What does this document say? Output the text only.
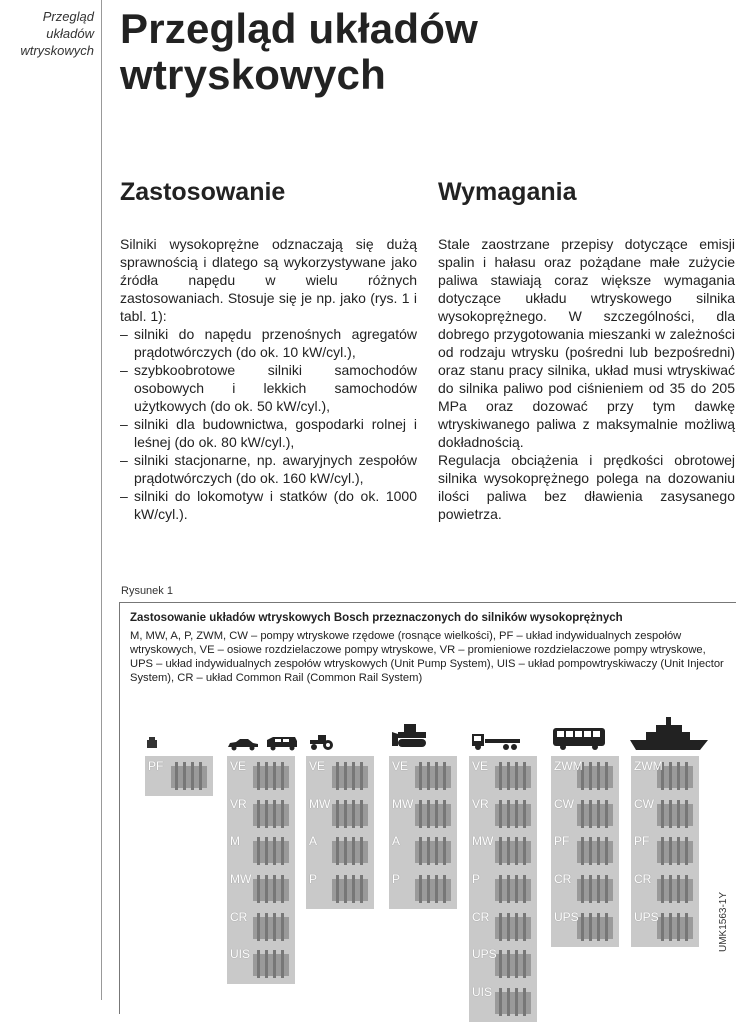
Przegląd
układów
wtryskowych Przegląd układów
wtryskowych
Zastosowanie

Silniki wysokoprężne odznaczają się dużą sprawnością i dlatego są wykorzystywane jako źródła napędu w wielu różnych zastosowaniach. Stosuje się je np. jako (rys. 1 i tabl. 1):

– silniki do napędu przenośnych agregatów prądotwórczych (do ok. 10 kW/cyl.),
– szybkoobrotowe silniki samochodów osobowych i lekkich samochodów użytkowych (do ok. 50 kW/cyl.),
– silniki dla budownictwa, gospodarki rolnej i leśnej (do ok. 80 kW/cyl.),
– silniki stacjonarne, np. awaryjnych zespołów prądotwórczych (do ok. 160 kW/cyl.),
– silniki do lokomotyw i statków (do ok. 1000 kW/cyl.).
Wymagania

Stale zaostrzane przepisy dotyczące emisji spalin i hałasu oraz pożądane małe zużycie paliwa stawiają coraz większe wymagania dotyczące układu wtryskowego silnika wysokoprężnego. W szczególności, dla dobrego przygotowania mieszanki w zależności od rodzaju wtrysku (pośredni lub bezpośredni) oraz stanu pracy silnika, układ musi wtryskiwać do silnika paliwo pod ciśnieniem od 35 do 205 MPa oraz dozować przy tym dawkę wtryskiwanego paliwa z maksymalnie możliwą dokładnością.

Regulacja obciążenia i prędkości obrotowej silnika wysokoprężnego polega na dozowaniu ilości paliwa bez dławienia zasysanego powietrza.

Rysunek 1
Zastosowanie układów wtryskowych Bosch przeznaczonych do silników wysokoprężnych
M, MW, A, P, ZWM, CW – pompy wtryskowe rzędowe (rosnące wielkości), PF – układ indywidualnych zespołów wtryskowych, VE – osiowe rozdzielaczowe pompy wtryskowe, VR – promieniowe rozdzielaczowe pompy wtryskowe, UPS – układ indywidualnych zespołów wtryskowych (Unit Pump System), UIS – układ pompowtryskiwaczy (Unit Injector System), CR – układ Common Rail (Common Rail System)
PF	VE
VR
M
MW
CR
UIS
VE
MW
A
P
VE
MW
A
P
VE
VR
MW
P
CR
UPS
UIS
ZWM
CW
PF
CR
UPS
ZWM
CW
PF
CR
UPS	UMK1563-1Y
